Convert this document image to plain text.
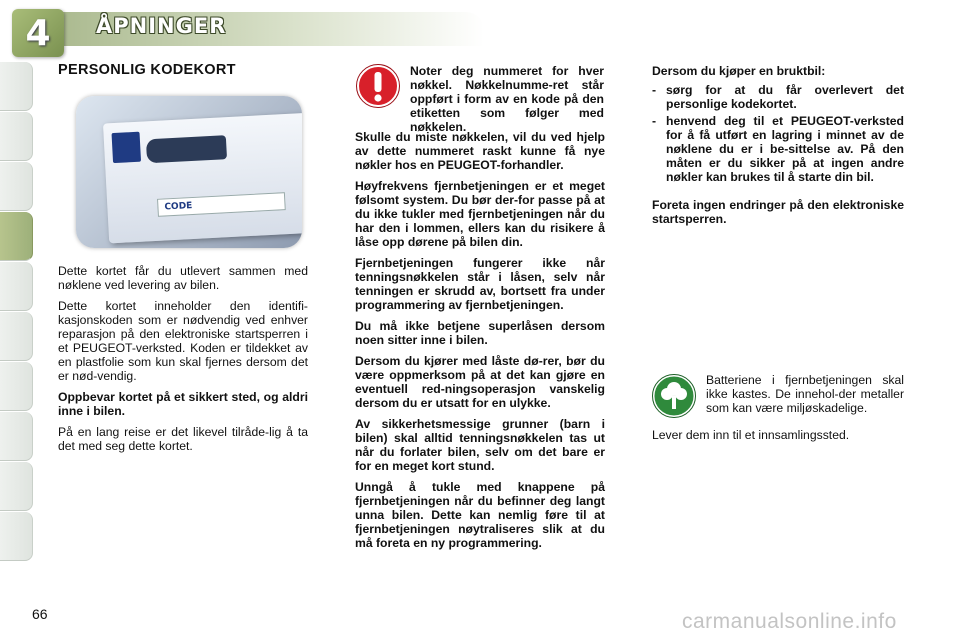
4 ÅPNINGER
PERSONLIG KODEKORT
CODE

Dette kortet får du utlevert sammen med nøklene ved levering av bilen.

Dette kortet inneholder den identifi-kasjonskoden som er nødvendig ved enhver reparasjon på den elektroniske startsperren i et PEUGEOT-verksted. Koden er tildekket av en plastfolie som kun skal fjernes dersom det er nød-vendig.

Oppbevar kortet på et sikkert sted, og aldri inne i bilen.

På en lang reise er det likevel tilråde-lig å ta det med seg dette kortet.

Noter deg nummeret for hver nøkkel. Nøkkelnumme-ret står oppført i form av en kode på den etiketten som følger med nøkkelen.

Skulle du miste nøkkelen, vil du ved hjelp av dette nummeret raskt kunne få nye nøkler hos en PEUGEOT-forhandler.

Høyfrekvens fjernbetjeningen er et meget følsomt system. Du bør der-for passe på at du ikke tukler med fjernbetjeningen når du har den i lommen, ellers kan du risikere å låse opp dørene på bilen din.

Fjernbetjeningen fungerer ikke når tenningsnøkkelen står i låsen, selv når tenningen er skrudd av, bortsett fra under programmering av fjernbetjeningen.

Du må ikke betjene superlåsen dersom noen sitter inne i bilen.

Dersom du kjører med låste dø-rer, bør du være oppmerksom på at det kan gjøre en eventuell red-ningsoperasjon vanskelig dersom du er utsatt for en ulykke.

Av sikkerhetsmessige grunner (barn i bilen) skal alltid tenningsnøkkelen tas ut når du forlater bilen, selv om det bare er for en meget kort stund.

Unngå å tukle med knappene på fjernbetjeningen når du befinner deg langt unna bilen. Dette kan nemlig føre til at fjernbetjeningen nøytraliseres slik at du må foreta en ny programmering.

Dersom du kjøper en bruktbil:

- sørg for at du får overlevert det personlige kodekortet.
- henvend deg til et PEUGEOT-verksted for å få utført en lagring i minnet av de nøklene du er i be-sittelse av. På den måten er du sikker på at ingen andre nøkler kan brukes til å starte din bil.

Foreta ingen endringer på den elektroniske startsperren.

Batteriene i fjernbetjeningen skal ikke kastes. De innehol-der metaller som kan være miljøskadelige.

Lever dem inn til et innsamlingssted.

66	carmanualsonline.info
